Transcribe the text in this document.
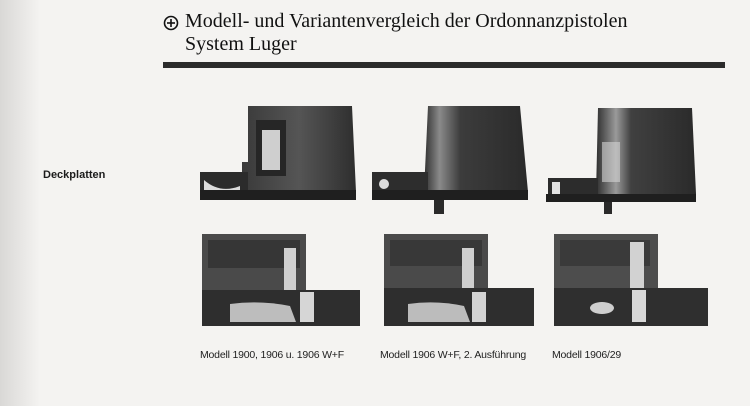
Modell- und Variantenvergleich der Ordonnanzpistolen
System Luger
Deckplatten
Modell 1900, 1906 u. 1906 W+F	Modell 1906 W+F, 2. Ausführung Modell 1906/29
